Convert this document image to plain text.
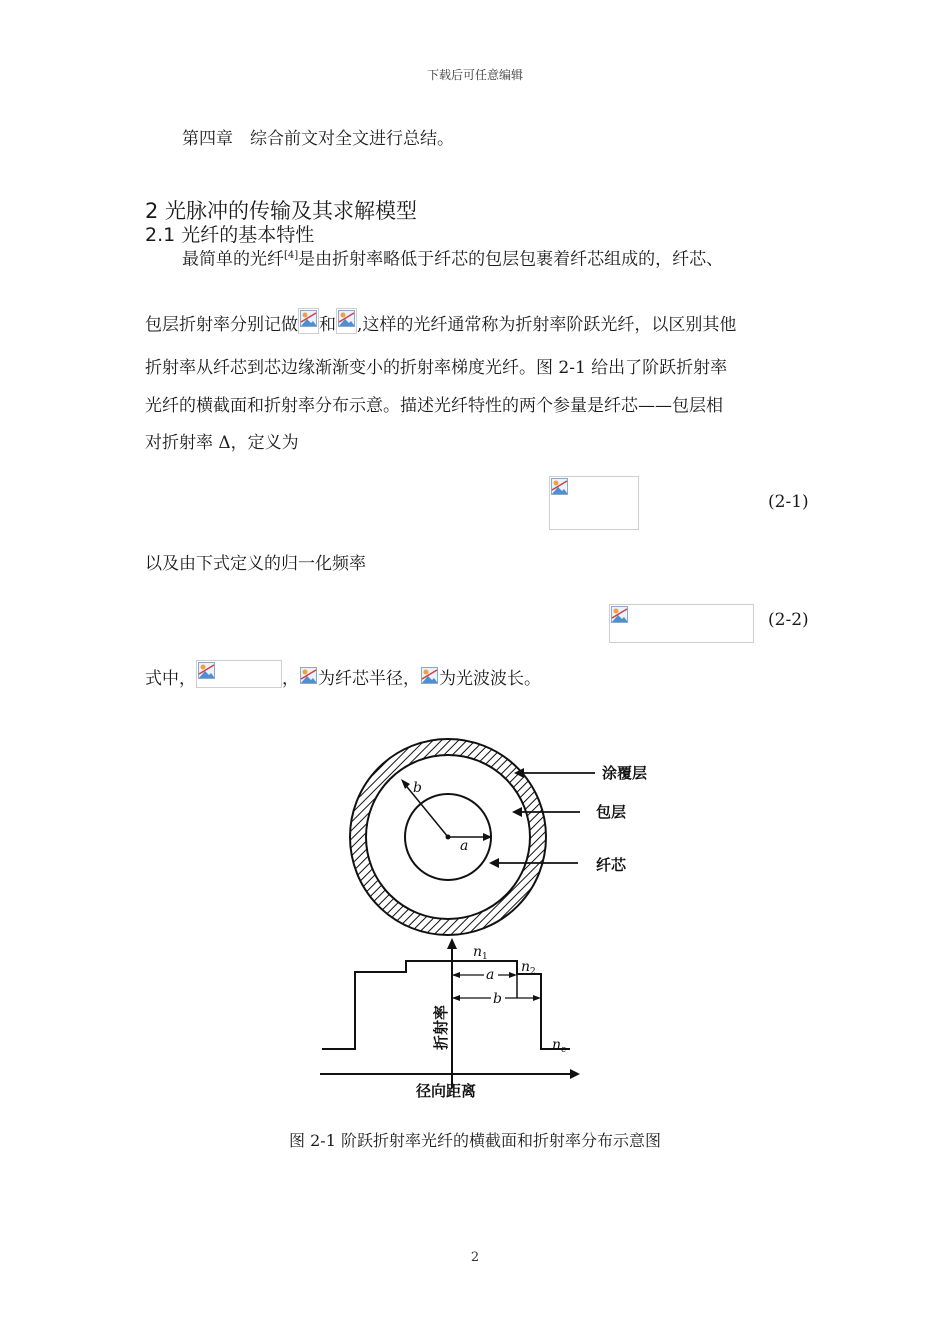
下载后可任意编辑
第四章　综合前文对全文进行总结。
2 光脉冲的传输及其求解模型
2.1 光纤的基本特性
最简单的光纤[4]是由折射率略低于纤芯的包层包裹着纤芯组成的，纤芯、
包层折射率分别记做 和 ,这样的光纤通常称为折射率阶跃光纤，以区别其他
折射率从纤芯到芯边缘渐渐变小的折射率梯度光纤。图 2-1 给出了阶跃折射率
光纤的横截面和折射率分布示意。描述光纤特性的两个参量是纤芯——包层相
对折射率 Δ，定义为

(2-1)
以及由下式定义的归一化频率
(2-2)
式中，	， 为纤芯半径， 为光波波长。
b
a
涂覆层
包层
纤芯
a
b
n 1
n 2
n c
折射率
径向距离
图 2-1 阶跃折射率光纤的横截面和折射率分布示意图
2
